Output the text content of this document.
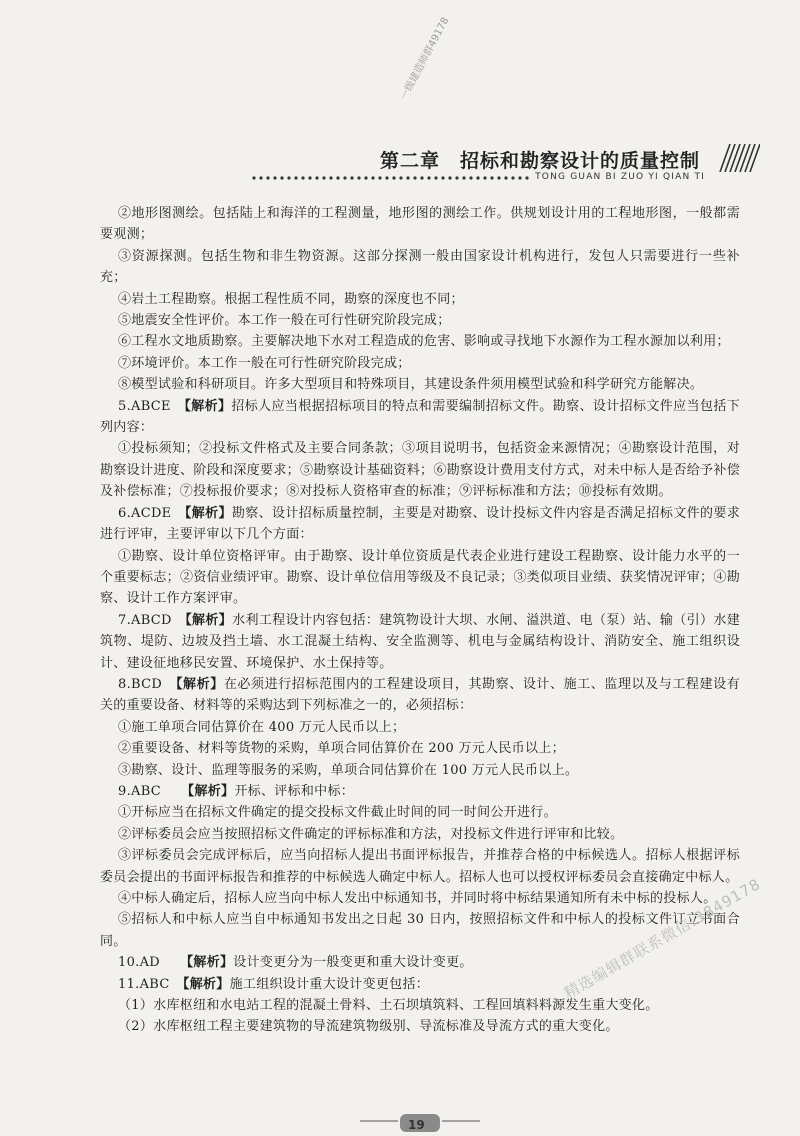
一级建造师群49178
第二章　招标和勘察设计的质量控制
TONG GUAN BI ZUO YI QIAN TI

②地形图测绘。包括陆上和海洋的工程测量，地形图的测绘工作。供规划设计用的工程地形图，一般都需要观测；

③资源探测。包括生物和非生物资源。这部分探测一般由国家设计机构进行，发包人只需要进行一些补充；

④岩土工程勘察。根据工程性质不同，勘察的深度也不同；

⑤地震安全性评价。本工作一般在可行性研究阶段完成；

⑥工程水文地质勘察。主要解决地下水对工程造成的危害、影响或寻找地下水源作为工程水源加以利用；

⑦环境评价。本工作一般在可行性研究阶段完成；

⑧模型试验和科研项目。许多大型项目和特殊项目，其建设条件须用模型试验和科学研究方能解决。

5.ABCE　【解析】招标人应当根据招标项目的特点和需要编制招标文件。勘察、设计招标文件应当包括下列内容：

①投标须知；②投标文件格式及主要合同条款；③项目说明书，包括资金来源情况；④勘察设计范围，对勘察设计进度、阶段和深度要求；⑤勘察设计基础资料；⑥勘察设计费用支付方式，对未中标人是否给予补偿及补偿标准；⑦投标报价要求；⑧对投标人资格审查的标准；⑨评标标准和方法；⑩投标有效期。

6.ACDE　【解析】勘察、设计招标质量控制，主要是对勘察、设计投标文件内容是否满足招标文件的要求进行评审，主要评审以下几个方面：

①勘察、设计单位资格评审。由于勘察、设计单位资质是代表企业进行建设工程勘察、设计能力水平的一个重要标志；②资信业绩评审。勘察、设计单位信用等级及不良记录；③类似项目业绩、获奖情况评审；④勘察、设计工作方案评审。

7.ABCD　【解析】水利工程设计内容包括：建筑物设计大坝、水闸、溢洪道、电（泵）站、输（引）水建筑物、堤防、边坡及挡土墙、水工混凝土结构、安全监测等、机电与金属结构设计、消防安全、施工组织设计、建设征地移民安置、环境保护、水土保持等。

8.BCD　【解析】在必须进行招标范围内的工程建设项目，其勘察、设计、施工、监理以及与工程建设有关的重要设备、材料等的采购达到下列标准之一的，必须招标：

①施工单项合同估算价在 400 万元人民币以上；

②重要设备、材料等货物的采购，单项合同估算价在 200 万元人民币以上；

③勘察、设计、监理等服务的采购，单项合同估算价在 100 万元人民币以上。

9.ABC　　【解析】开标、评标和中标：

①开标应当在招标文件确定的提交投标文件截止时间的同一时间公开进行。

②评标委员会应当按照招标文件确定的评标标准和方法，对投标文件进行评审和比较。

③评标委员会完成评标后，应当向招标人提出书面评标报告，并推荐合格的中标候选人。招标人根据评标委员会提出的书面评标报告和推荐的中标候选人确定中标人。招标人也可以授权评标委员会直接确定中标人。

④中标人确定后，招标人应当向中标人发出中标通知书，并同时将中标结果通知所有未中标的投标人。

⑤招标人和中标人应当自中标通知书发出之日起 30 日内，按照招标文件和中标人的投标文件订立书面合同。

10.AD　　【解析】设计变更分为一般变更和重大设计变更。

11.ABC　【解析】施工组织设计重大设计变更包括：

（1）水库枢纽和水电站工程的混凝土骨料、土石坝填筑料、工程回填料料源发生重大变化。

（2）水库枢纽工程主要建筑物的导流建筑物级别、导流标准及导流方式的重大变化。

精选编辑群联系微信:3849178
19
